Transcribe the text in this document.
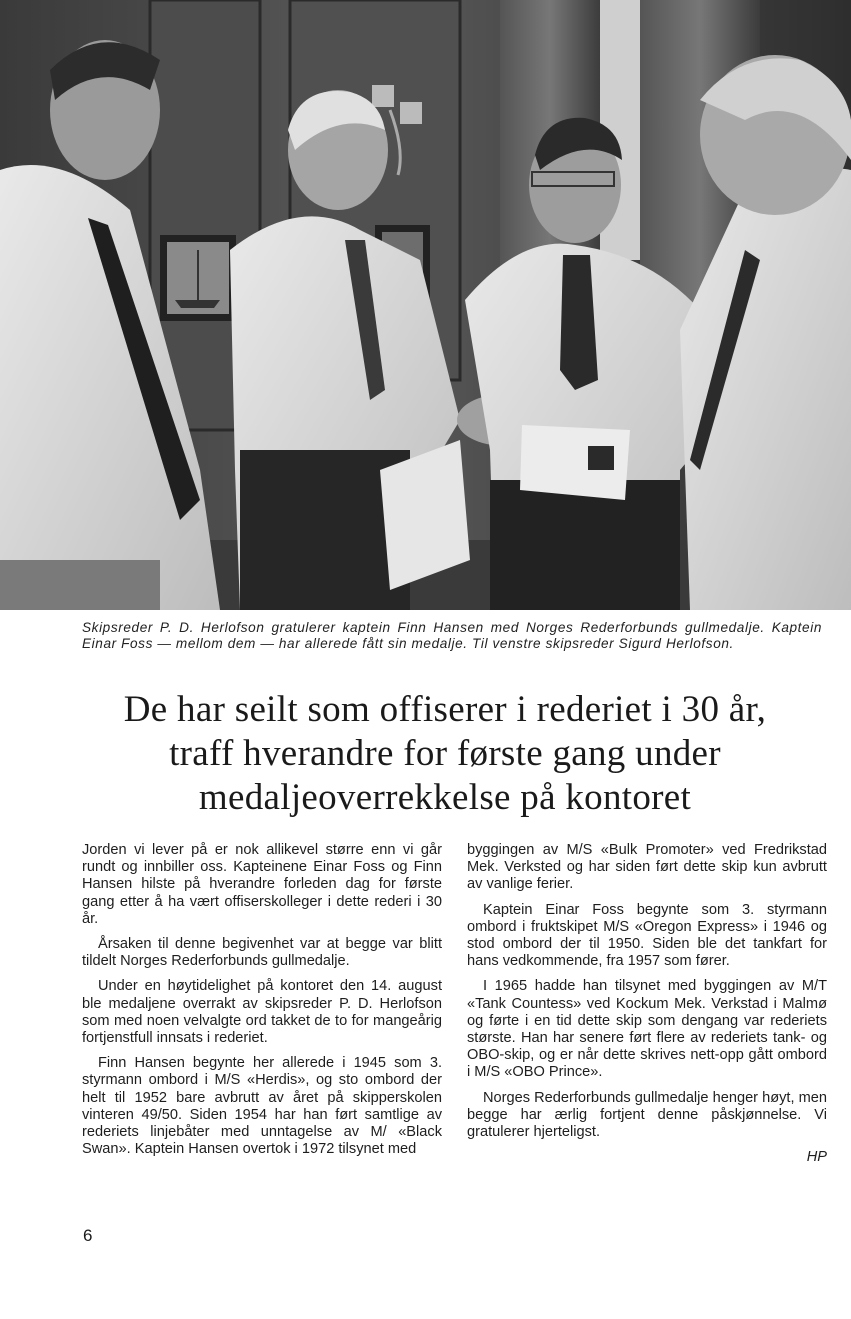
Skipsreder P. D. Herlofson gratulerer kaptein Finn Hansen med Norges Rederforbunds gullmedalje. Kaptein Einar Foss — mellom dem — har allerede fått sin medalje. Til venstre skipsreder Sigurd Herlofson.
De har seilt som offiserer i rederiet i 30 år,
traff hverandre for første gang under
medaljeoverrekkelse på kontoret

Jorden vi lever på er nok allikevel større enn vi går rundt og innbiller oss. Kapteinene Einar Foss og Finn Hansen hilste på hverandre forleden dag for første gang etter å ha vært offiserskolleger i dette rederi i 30 år.

Årsaken til denne begivenhet var at begge var blitt tildelt Norges Rederforbunds gullmedalje.

Under en høytidelighet på kontoret den 14. august ble medaljene overrakt av skipsreder P. D. Herlofson som med noen velvalgte ord takket de to for mangeårig fortjenstfull innsats i rederiet.

Finn Hansen begynte her allerede i 1945 som 3. styrmann ombord i M/S «Herdis», og sto ombord der helt til 1952 bare avbrutt av året på skipperskolen vinteren 49/50. Siden 1954 har han ført samtlige av rederiets linjebåter med unntagelse av M/ «Black Swan». Kaptein Hansen overtok i 1972 tilsynet med

byggingen av M/S «Bulk Promoter» ved Fredrikstad Mek. Verksted og har siden ført dette skip kun avbrutt av vanlige ferier.

Kaptein Einar Foss begynte som 3. styrmann ombord i fruktskipet M/S «Oregon Express» i 1946 og stod ombord der til 1950. Siden ble det tankfart for hans vedkommende, fra 1957 som fører.

I 1965 hadde han tilsynet med byggingen av M/T «Tank Countess» ved Kockum Mek. Verkstad i Malmø og førte i en tid dette skip som dengang var rederiets største. Han har senere ført flere av rederiets tank- og OBO-skip, og er når dette skrives nett-opp gått ombord i M/S «OBO Prince».

Norges Rederforbunds gullmedalje henger høyt, men begge har ærlig fortjent denne påskjønnelse. Vi gratulerer hjerteligst.

HP

6
